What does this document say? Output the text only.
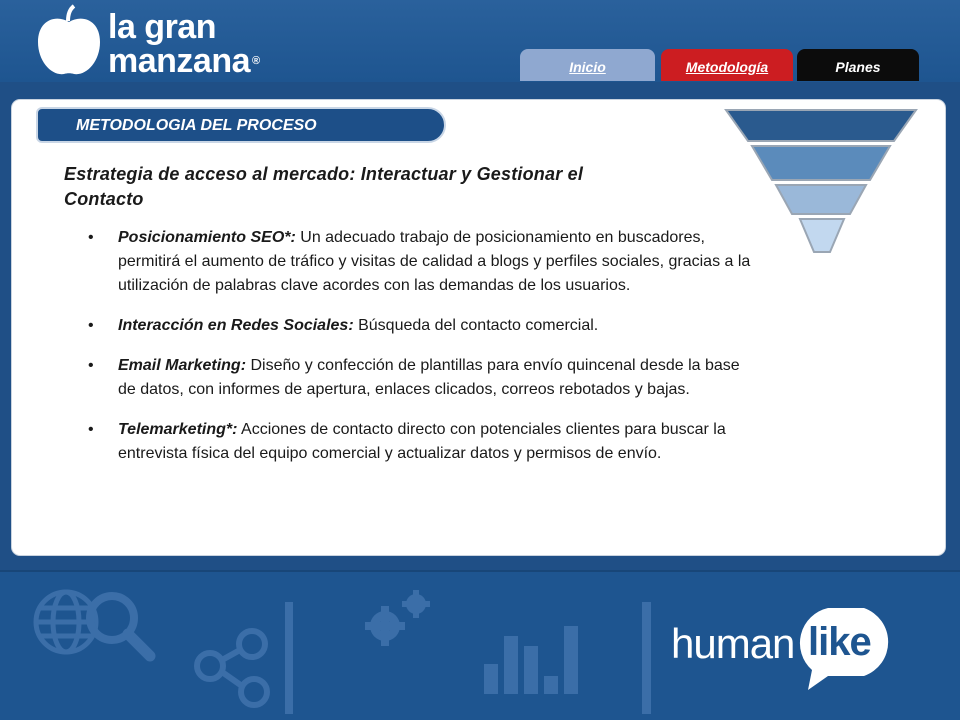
la gran
manzana ®	Inicio	Metodología	Planes
METODOLOGIA DEL PROCESO
Estrategia de acceso al mercado: Interactuar y Gestionar el Contacto
• Posicionamiento SEO*: Un adecuado trabajo de posicionamiento en buscadores, permitirá el aumento de tráfico y visitas de calidad a blogs y perfiles sociales, gracias a la utilización de palabras clave acordes con las demandas de los usuarios.
• Interacción en Redes Sociales: Búsqueda del contacto comercial.
• Email Marketing: Diseño y confección de plantillas para envío quincenal desde la base de datos, con informes de apertura, enlaces clicados, correos rebotados y bajas.
• Telemarketing*: Acciones de contacto directo con potenciales clientes para buscar la entrevista física del equipo comercial y actualizar datos y permisos de envío.
human like
